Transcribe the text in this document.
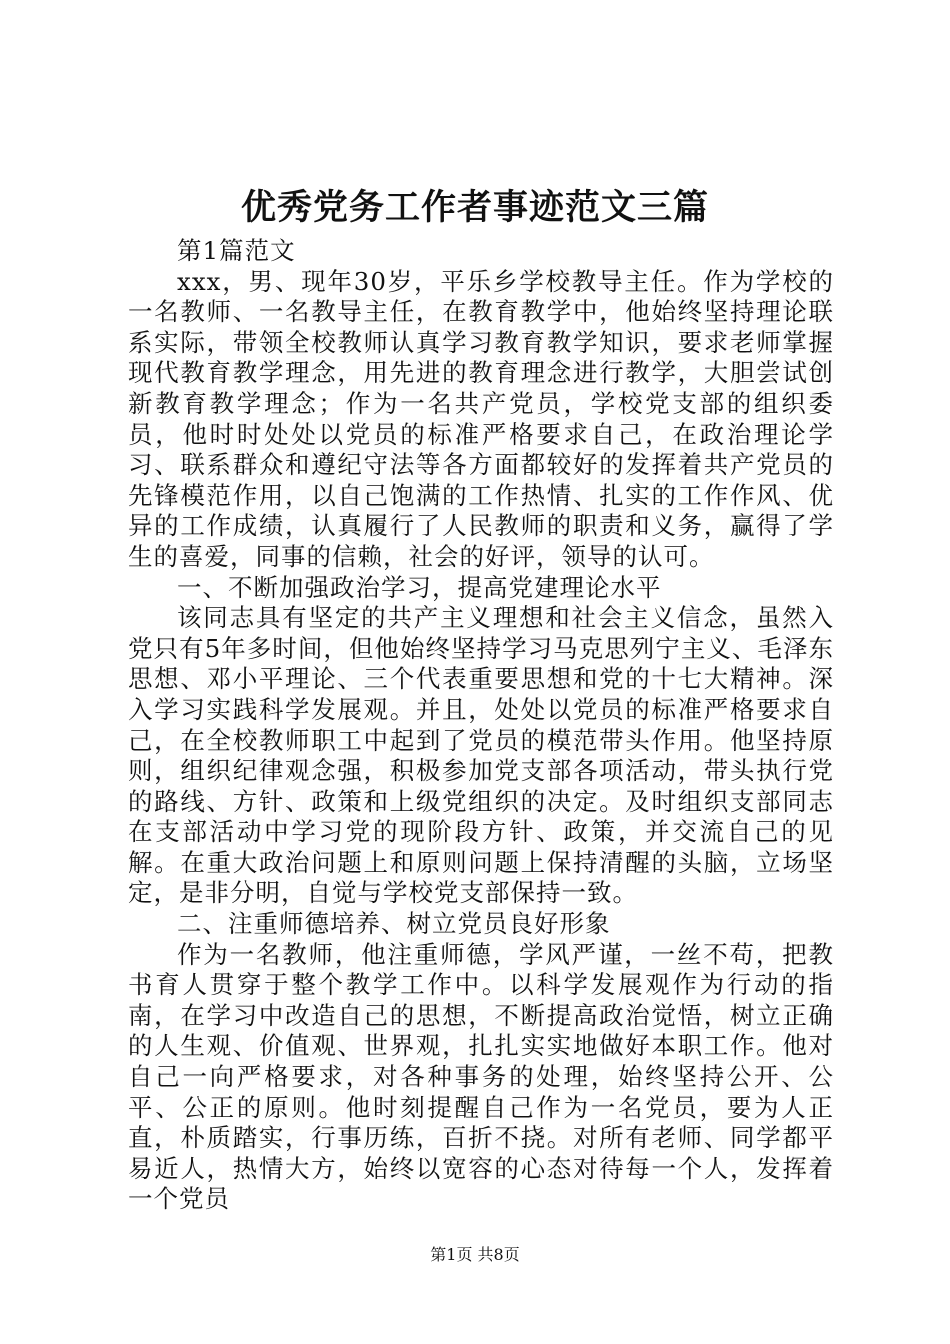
优秀党务工作者事迹范文三篇

第1篇范文

xxx，男、现年30岁，平乐乡学校教导主任。作为学校的一名教师、一名教导主任，在教育教学中，他始终坚持理论联系实际，带领全校教师认真学习教育教学知识，要求老师掌握现代教育教学理念，用先进的教育理念进行教学，大胆尝试创新教育教学理念；作为一名共产党员，学校党支部的组织委员，他时时处处以党员的标准严格要求自己，在政治理论学习、联系群众和遵纪守法等各方面都较好的发挥着共产党员的先锋模范作用，以自己饱满的工作热情、扎实的工作作风、优异的工作成绩，认真履行了人民教师的职责和义务，赢得了学生的喜爱，同事的信赖，社会的好评，领导的认可。

一、不断加强政治学习，提高党建理论水平

该同志具有坚定的共产主义理想和社会主义信念，虽然入党只有5年多时间，但他始终坚持学习马克思列宁主义、毛泽东思想、邓小平理论、三个代表重要思想和党的十七大精神。深入学习实践科学发展观。并且，处处以党员的标准严格要求自己，在全校教师职工中起到了党员的模范带头作用。他坚持原则，组织纪律观念强，积极参加党支部各项活动，带头执行党的路线、方针、政策和上级党组织的决定。及时组织支部同志在支部活动中学习党的现阶段方针、政策，并交流自己的见解。在重大政治问题上和原则问题上保持清醒的头脑，立场坚定，是非分明，自觉与学校党支部保持一致。

二、注重师德培养、树立党员良好形象

作为一名教师，他注重师德，学风严谨，一丝不苟，把教书育人贯穿于整个教学工作中。以科学发展观作为行动的指南，在学习中改造自己的思想，不断提高政治觉悟，树立正确的人生观、价值观、世界观，扎扎实实地做好本职工作。他对自己一向严格要求，对各种事务的处理，始终坚持公开、公平、公正的原则。他时刻提醒自己作为一名党员，要为人正直，朴质踏实，行事历练，百折不挠。对所有老师、同学都平易近人，热情大方，始终以宽容的心态对待每一个人，发挥着一个党员

第1页 共8页
